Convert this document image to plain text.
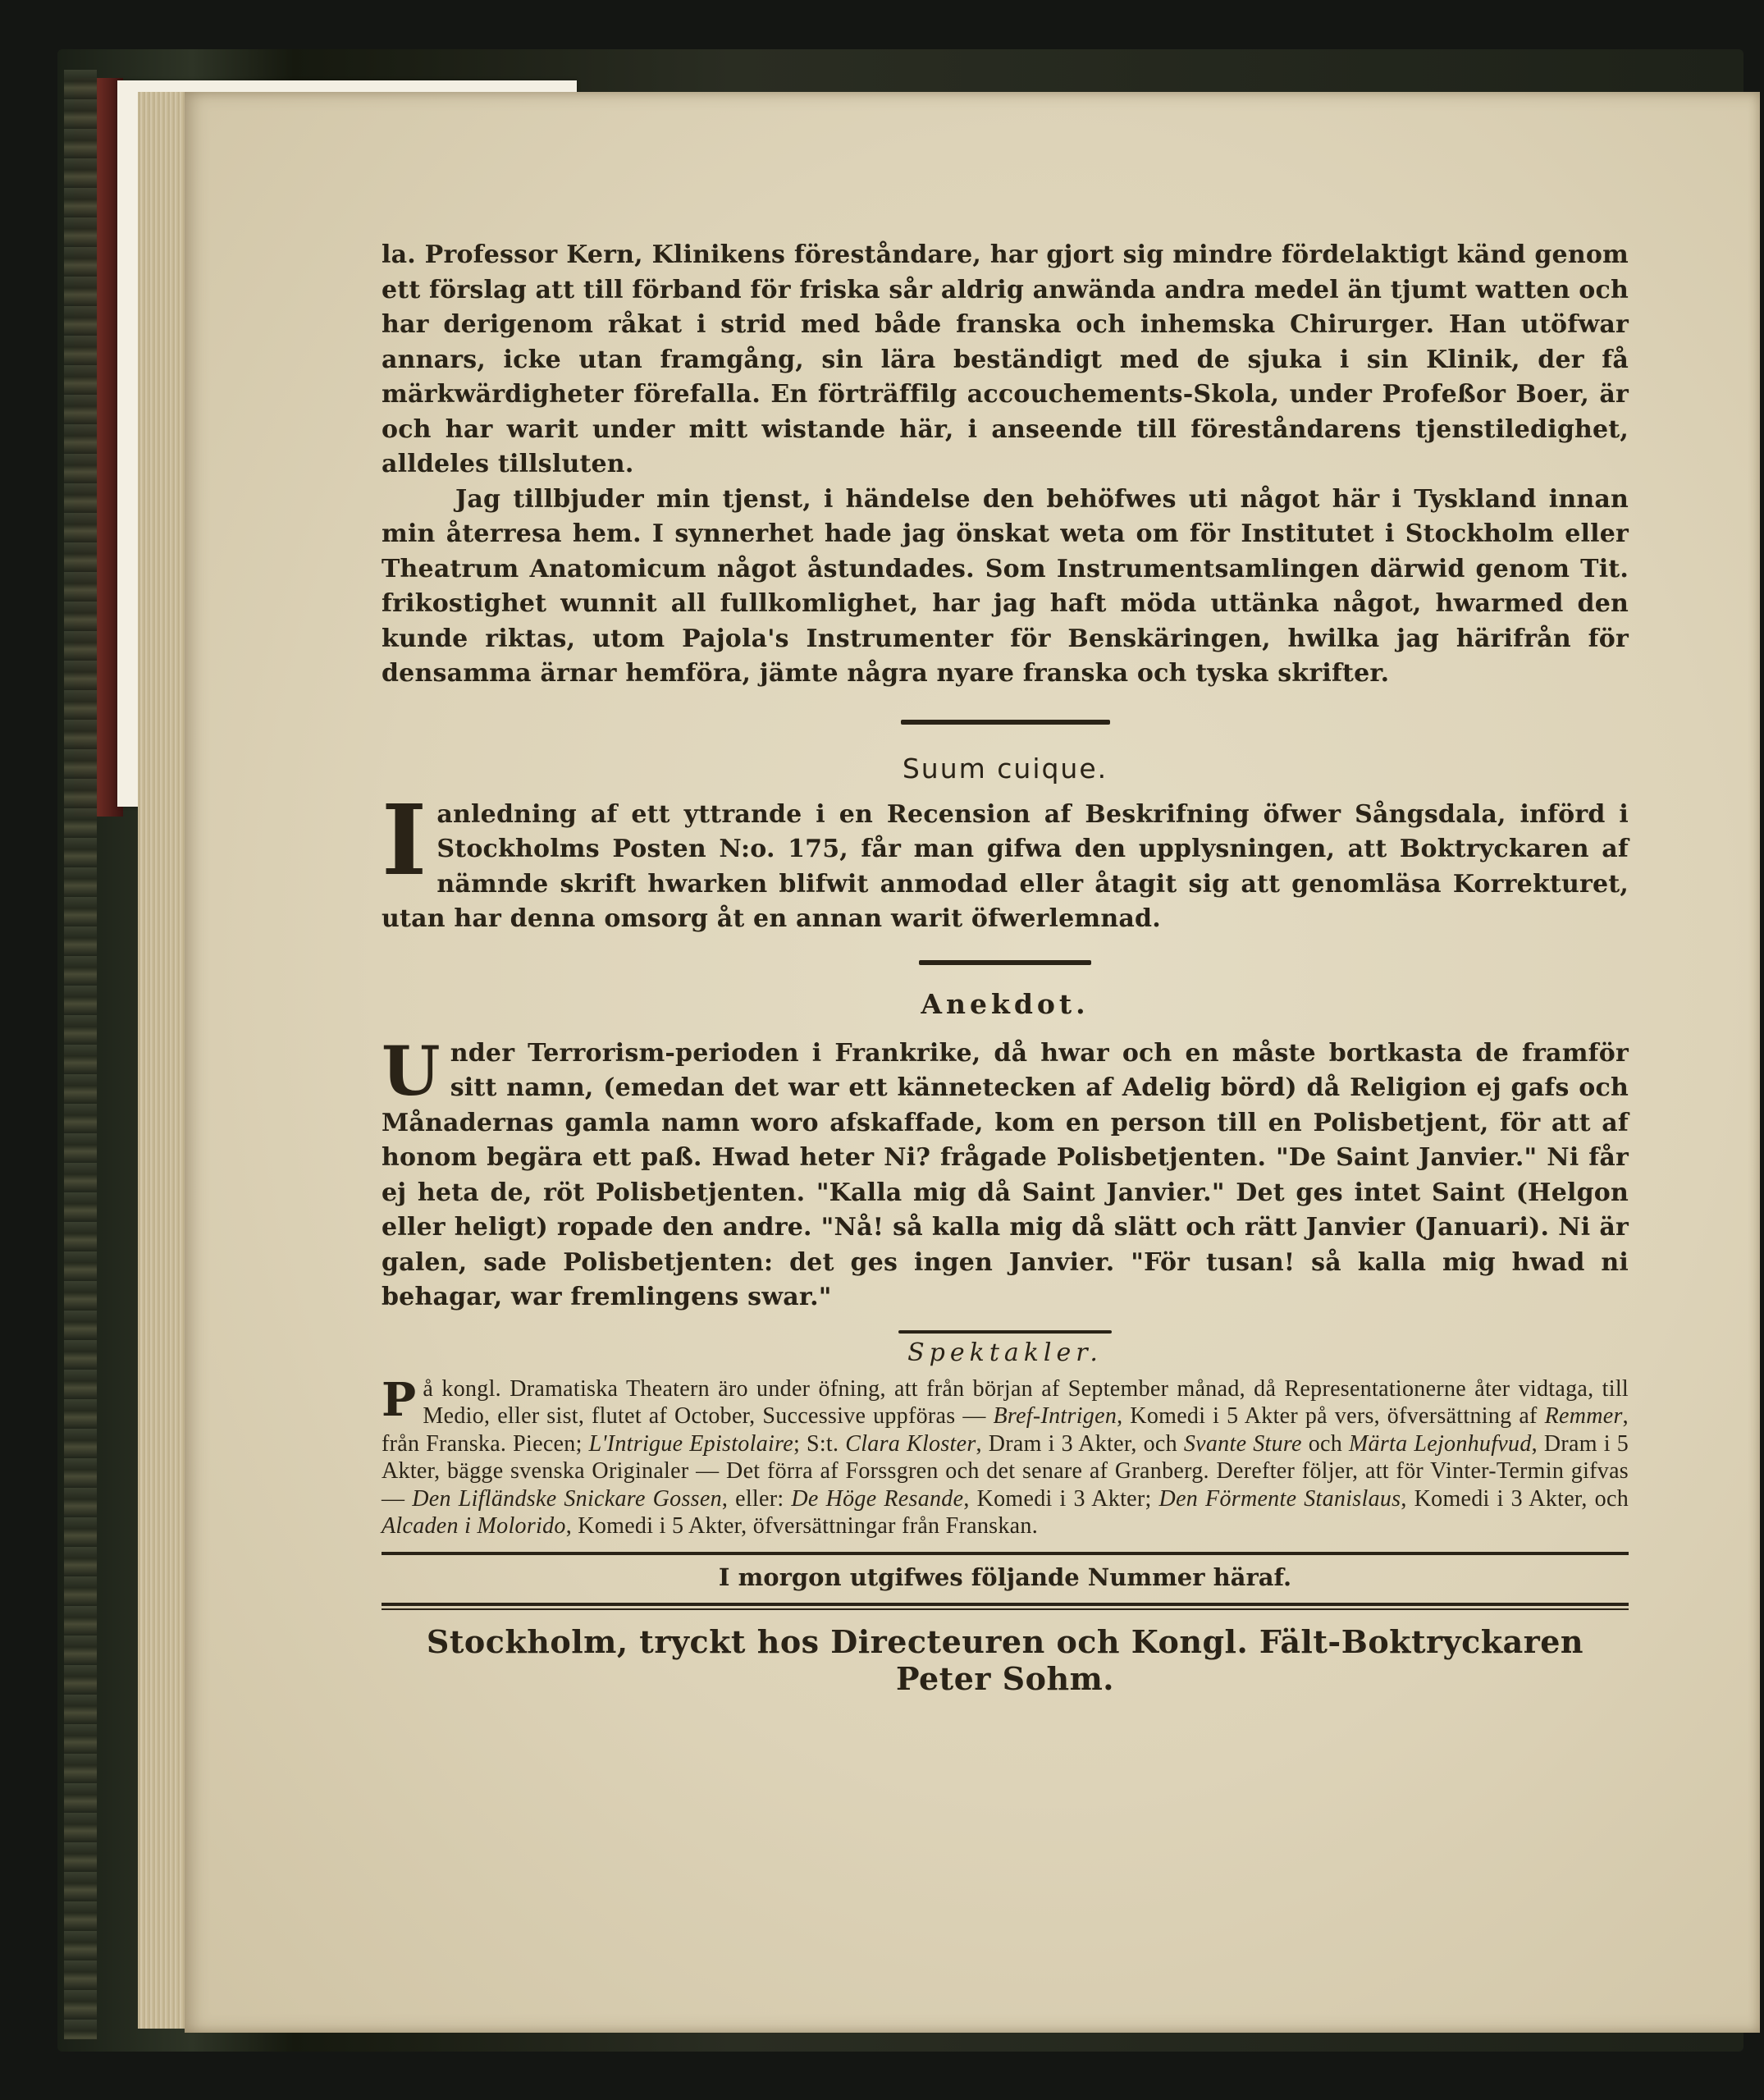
la. Professor Kern, Klinikens föreståndare, har gjort sig mindre fördelaktigt känd genom ett förslag att till förband för friska sår aldrig anwända andra medel än tjumt watten och har derigenom råkat i strid med både franska och inhemska Chirurger. Han utöfwar annars, icke utan framgång, sin lära beständigt med de sjuka i sin Klinik, der få märkwärdigheter förefalla. En förträffilg accouchements-Skola, under Profeßor Boer, är och har warit under mitt wistande här, i anseende till föreståndarens tjenstiledighet, alldeles tillsluten.

Jag tillbjuder min tjenst, i händelse den behöfwes uti något här i Tyskland innan min återresa hem. I synnerhet hade jag önskat weta om för Institutet i Stockholm eller Theatrum Anatomicum något åstundades. Som Instrumentsamlingen därwid genom Tit. frikostighet wunnit all fullkomlighet, har jag haft möda uttänka något, hwarmed den kunde riktas, utom Pajola's Instrumenter för Benskäringen, hwilka jag härifrån för densamma ärnar hemföra, jämte några nyare franska och tyska skrifter.

Suum cuique.

Ianledning af ett yttrande i en Recension af Beskrifning öfwer Sångsdala, införd i Stockholms Posten N:o. 175, får man gifwa den upplysningen, att Boktryckaren af nämnde skrift hwarken blifwit anmodad eller åtagit sig att genomläsa Korrekturet, utan har denna omsorg åt en annan warit öfwerlemnad.

Anekdot.

Under Terrorism-perioden i Frankrike, då hwar och en måste bortkasta de framför sitt namn, (emedan det war ett kännetecken af Adelig börd) då Religion ej gafs och Månadernas gamla namn woro afskaffade, kom en person till en Polisbetjent, för att af honom begära ett paß. Hwad heter Ni? frågade Polisbetjenten. "De Saint Janvier." Ni får ej heta de, röt Polisbetjenten. "Kalla mig då Saint Janvier." Det ges intet Saint (Helgon eller heligt) ropade den andre. "Nå! så kalla mig då slätt och rätt Janvier (Januari). Ni är galen, sade Polisbetjenten: det ges ingen Janvier. "För tusan! så kalla mig hwad ni behagar, war fremlingens swar."

Spektakler.

På kongl. Dramatiska Theatern äro under öfning, att från början af September månad, då Representationerne åter vidtaga, till Medio, eller sist, flutet af October, Successive uppföras — Bref-Intrigen, Komedi i 5 Akter på vers, öfversättning af Remmer, från Franska. Piecen; L'Intrigue Epistolaire; S:t. Clara Kloster, Dram i 3 Akter, och Svante Sture och Märta Lejonhufvud, Dram i 5 Akter, bägge svenska Originaler — Det förra af Forssgren och det senare af Granberg. Derefter följer, att för Vinter-Termin gifvas — Den Lifländske Snickare Gossen, eller: De Höge Resande, Komedi i 3 Akter; Den Förmente Stanislaus, Komedi i 3 Akter, och Alcaden i Molorido, Komedi i 5 Akter, öfversättningar från Franskan.

I morgon utgifwes följande Nummer häraf.

Stockholm, tryckt hos Directeuren och Kongl. Fält-Boktryckaren Peter Sohm.
